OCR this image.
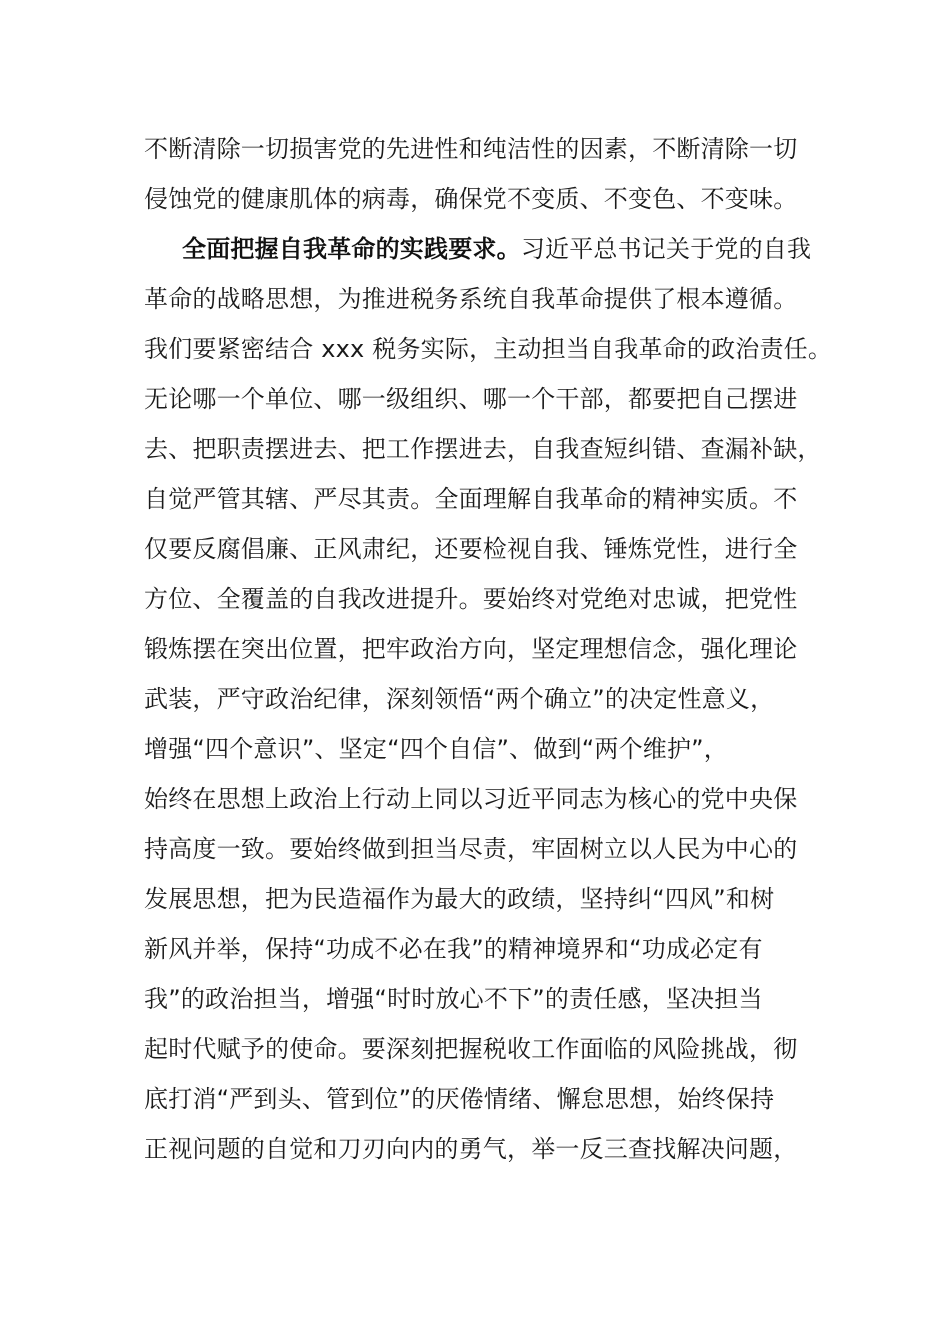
不断清除一切损害党的先进性和纯洁性的因素，不断清除一切
侵蚀党的健康肌体的病毒，确保党不变质、不变色、不变味。
全面把握自我革命的实践要求。习近平总书记关于党的自我
革命的战略思想，为推进税务系统自我革命提供了根本遵循。
我们要紧密结合 xxx 税务实际，主动担当自我革命的政治责任。
无论哪一个单位、哪一级组织、哪一个干部，都要把自己摆进
去、把职责摆进去、把工作摆进去，自我查短纠错、查漏补缺，
自觉严管其辖、严尽其责。全面理解自我革命的精神实质。不
仅要反腐倡廉、正风肃纪，还要检视自我、锤炼党性，进行全
方位、全覆盖的自我改进提升。要始终对党绝对忠诚，把党性
锻炼摆在突出位置，把牢政治方向，坚定理想信念，强化理论
武装，严守政治纪律，深刻领悟“两个确立”的决定性意义，
增强“四个意识”、坚定“四个自信”、做到“两个维护”，
始终在思想上政治上行动上同以习近平同志为核心的党中央保
持高度一致。要始终做到担当尽责，牢固树立以人民为中心的
发展思想，把为民造福作为最大的政绩，坚持纠“四风”和树
新风并举，保持“功成不必在我”的精神境界和“功成必定有
我”的政治担当，增强“时时放心不下”的责任感，坚决担当
起时代赋予的使命。要深刻把握税收工作面临的风险挑战，彻
底打消“严到头、管到位”的厌倦情绪、懈怠思想，始终保持
正视问题的自觉和刀刃向内的勇气，举一反三查找解决问题，
